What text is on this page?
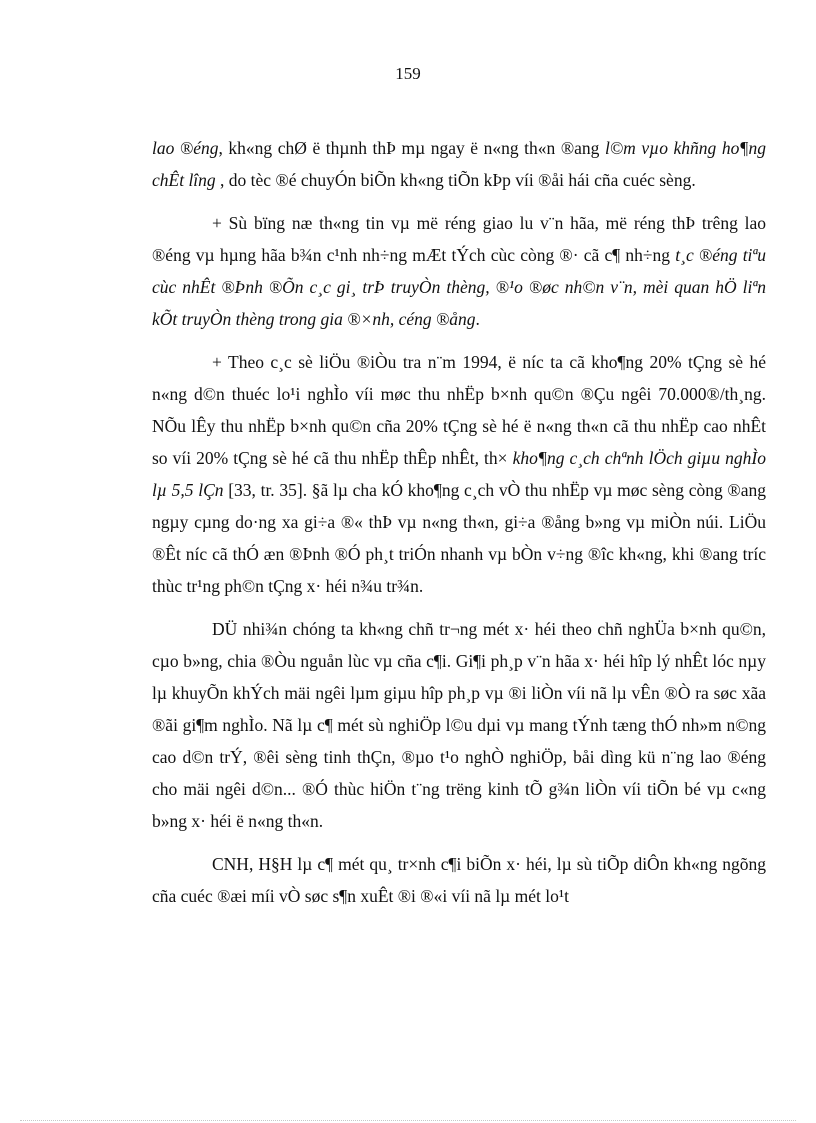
159

lao ®éng, kh«ng chØ ë thµnh thÞ mµ ngay ë n«ng th«n ®ang l©m vµo khñng ho¶ng chÊt lîng , do tèc ®é chuyÓn biÕn kh«ng tiÕn kÞp víi ®åi hái cña cuéc sèng.

+ Sù bïng næ th«ng tin vµ më réng giao lu v¨n hãa, më réng thÞ trêng lao ®éng vµ hµng hãa b¾n c¹nh nh÷ng mÆt tÝch cùc còng ®· cã c¶ nh÷ng t¸c ®éng tiªu cùc nhÊt ®Þnh ®Õn c¸c gi¸ trÞ truyÒn thèng, ®¹o ®øc nh©n v¨n, mèi quan hÖ liªn kÕt truyÒn thèng trong gia ®×nh, céng ®ång.

+ Theo c¸c sè liÖu ®iÒu tra n¨m 1994, ë níc ta cã kho¶ng 20% tÇng sè hé n«ng d©n thuéc lo¹i nghÌo víi møc thu nhËp b×nh qu©n ®Çu ngêi 70.000®/th¸ng. NÕu lÊy thu nhËp b×nh qu©n cña 20% tÇng sè hé ë n«ng th«n cã thu nhËp cao nhÊt so víi 20% tÇng sè hé cã thu nhËp thÊp nhÊt, th× kho¶ng c¸ch chªnh lÖch giµu nghÌo lµ 5,5 lÇn [33, tr. 35]. §ã lµ cha kÓ kho¶ng c¸ch vÒ thu nhËp vµ møc sèng còng ®ang ngµy cµng do·ng xa gi÷a ®« thÞ vµ n«ng th«n, gi÷a ®ång b»ng vµ miÒn núi. LiÖu ®Êt níc cã thÓ æn ®Þnh ®Ó ph¸t triÓn nhanh vµ bÒn v÷ng ®îc kh«ng, khi ®ang tríc thùc tr¹ng ph©n tÇng x· héi n¾u tr¾n.

DÜ nhi¾n chóng ta kh«ng chñ tr¬ng mét x· héi theo chñ nghÜa b×nh qu©n, cµo b»ng, chia ®Òu nguån lùc vµ cña c¶i. Gi¶i ph¸p v¨n hãa x· héi hîp lý nhÊt lóc nµy lµ khuyÕn khÝch mäi ngêi lµm giµu hîp ph¸p vµ ®i liÒn víi nã lµ vÊn ®Ò ra søc xãa ®ãi gi¶m nghÌo. Nã lµ c¶ mét sù nghiÖp l©u dµi vµ mang tÝnh tæng thÓ nh»m n©ng cao d©n trÝ, ®êi sèng tinh thÇn, ®µo t¹o nghÒ nghiÖp, båi dìng kü n¨ng lao ®éng cho mäi ngêi d©n... ®Ó thùc hiÖn t¨ng trëng kinh tÕ g¾n liÒn víi tiÕn bé vµ c«ng b»ng x· héi ë n«ng th«n.

CNH, H§H lµ c¶ mét qu¸ tr×nh c¶i biÕn x· héi, lµ sù tiÕp diÔn kh«ng ngõng cña cuéc ®æi míi vÒ søc s¶n xuÊt ®i ®«i víi nã lµ mét lo¹t
